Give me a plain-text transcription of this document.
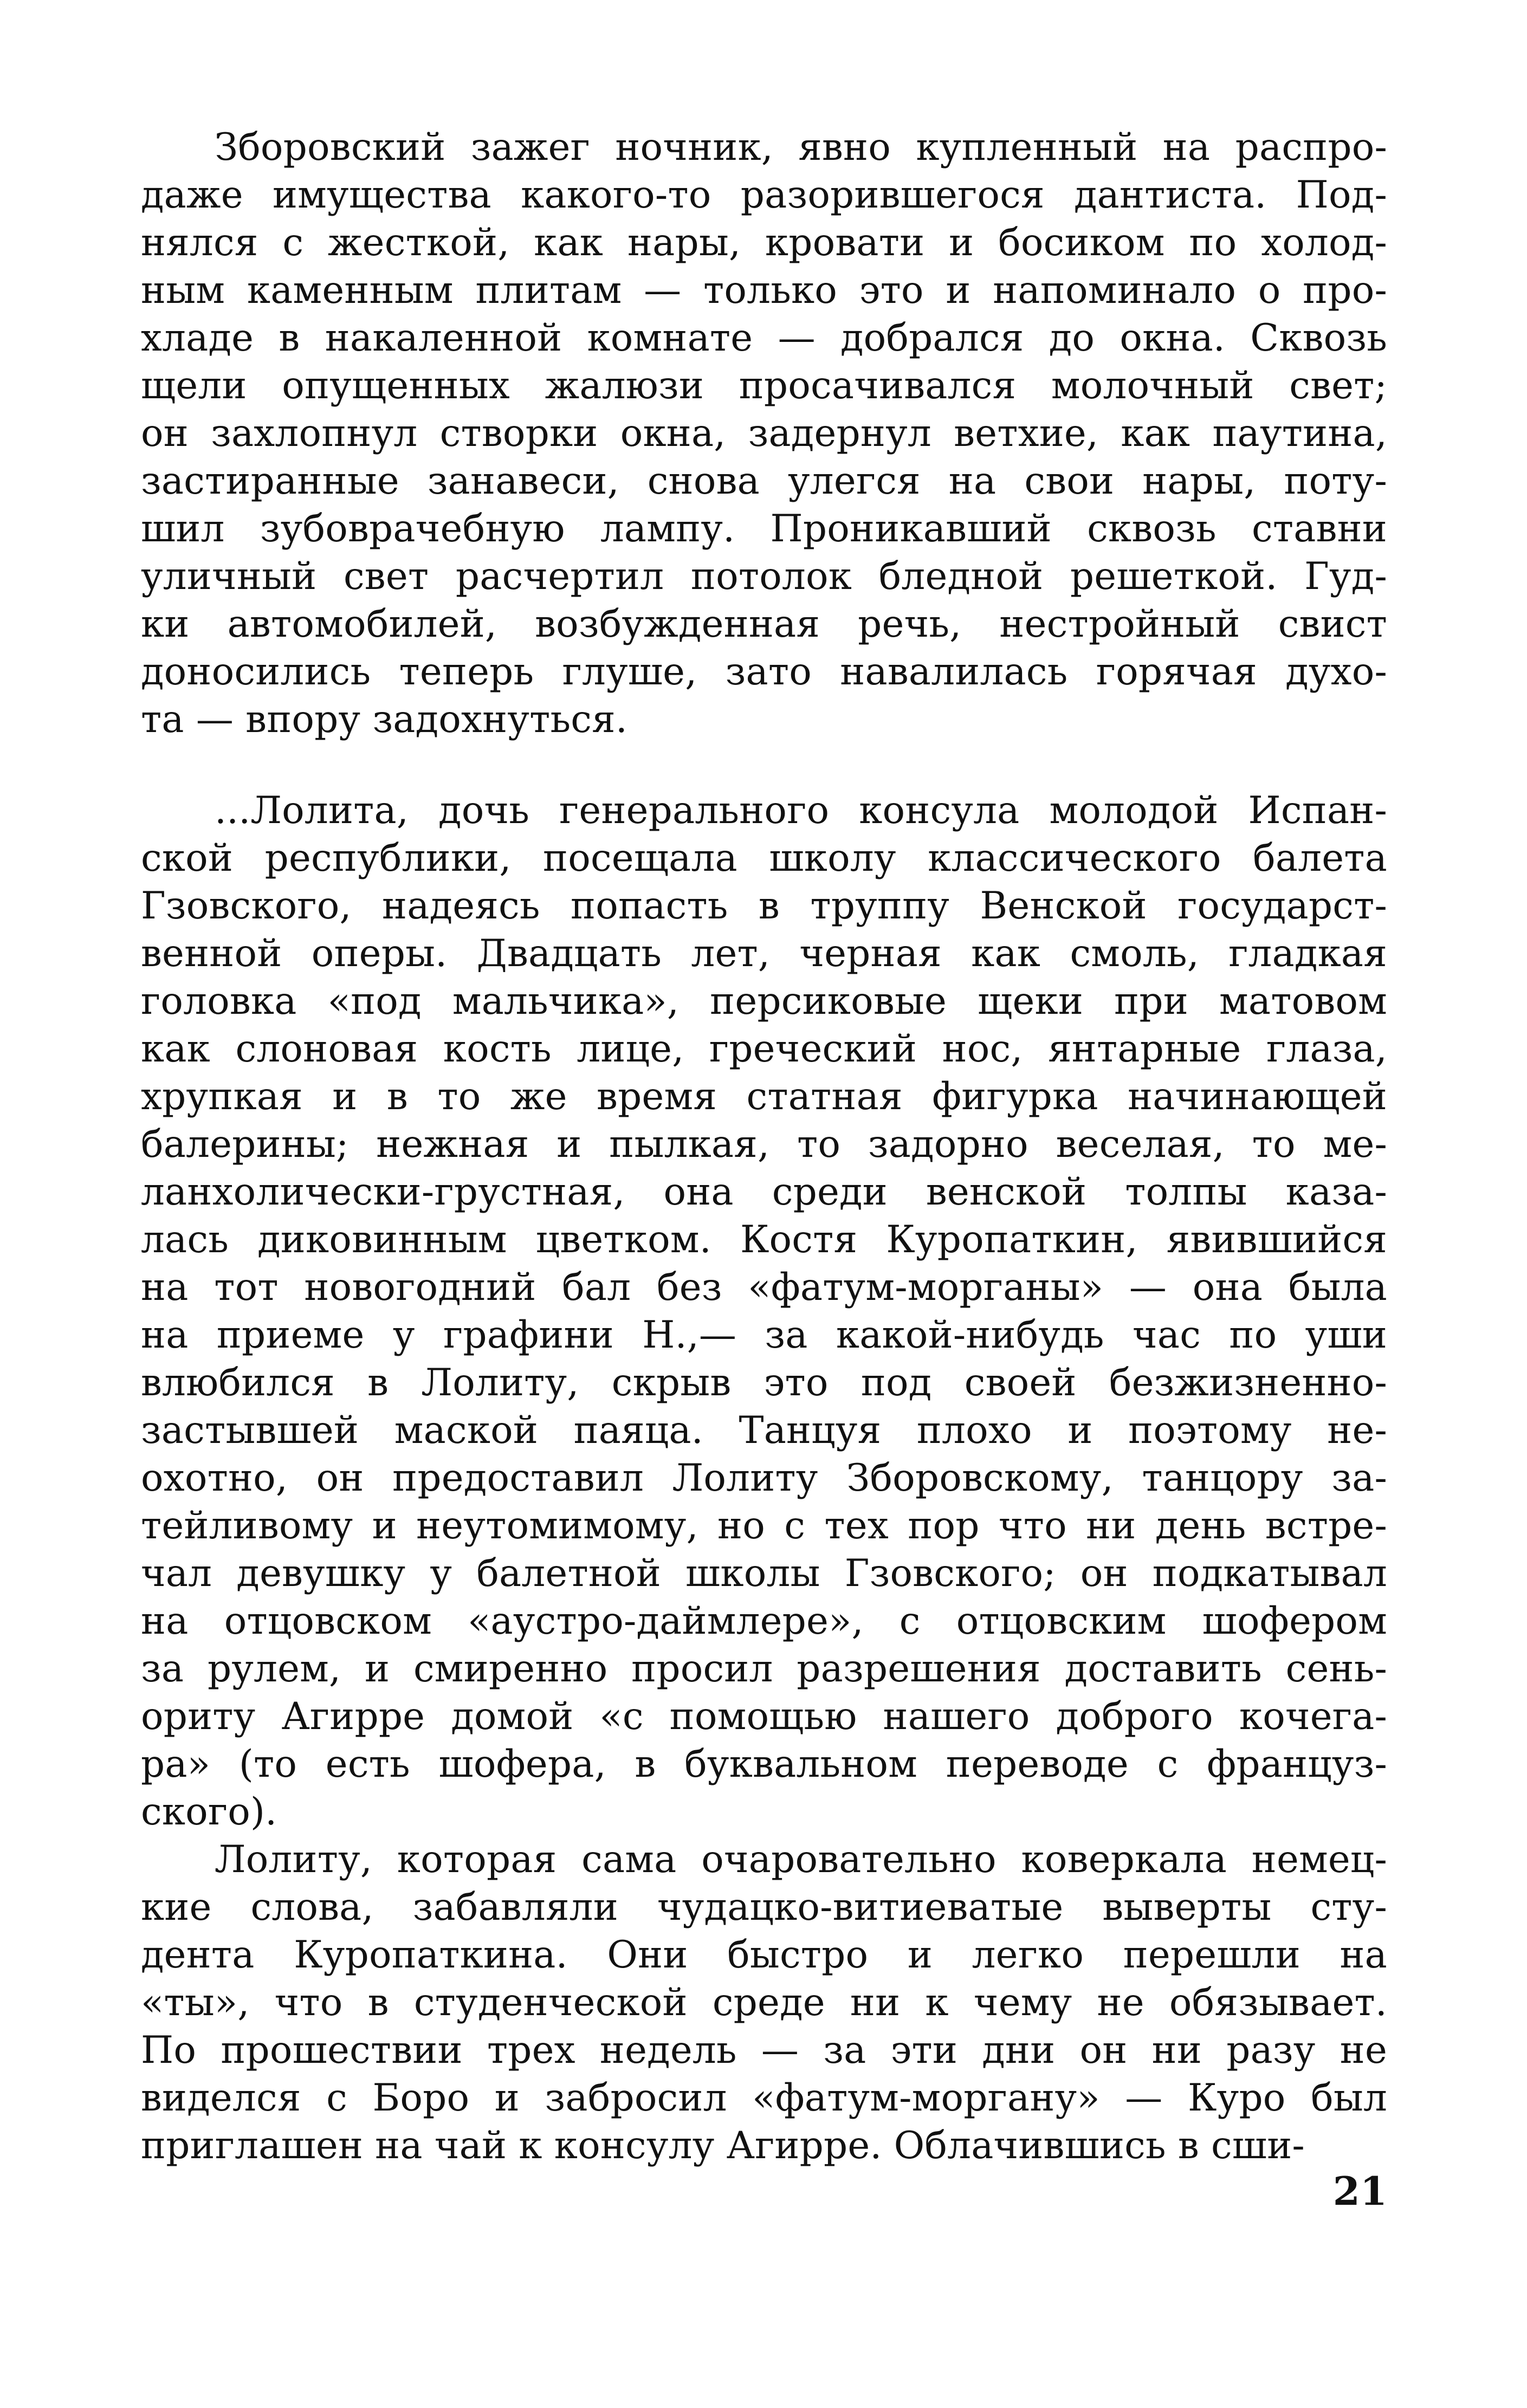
Зборовский зажег ночник, явно купленный на распро-
даже имущества какого-то разорившегося дантиста. Под-
нялся с жесткой, как нары, кровати и босиком по холод-
ным каменным плитам — только это и напоминало о про-
хладе в накаленной комнате — добрался до окна. Сквозь
щели опущенных жалюзи просачивался молочный свет;
он захлопнул створки окна, задернул ветхие, как паутина,
застиранные занавеси, снова улегся на свои нары, поту-
шил зубоврачебную лампу. Проникавший сквозь ставни
уличный свет расчертил потолок бледной решеткой. Гуд-
ки автомобилей, возбужденная речь, нестройный свист
доносились теперь глуше, зато навалилась горячая духо-
та — впору задохнуться.
...Лолита, дочь генерального консула молодой Испан-
ской республики, посещала школу классического балета
Гзовского, надеясь попасть в труппу Венской государст-
венной оперы. Двадцать лет, черная как смоль, гладкая
головка «под мальчика», персиковые щеки при матовом
как слоновая кость лице, греческий нос, янтарные глаза,
хрупкая и в то же время статная фигурка начинающей
балерины; нежная и пылкая, то задорно веселая, то ме-
ланхолически-грустная, она среди венской толпы каза-
лась диковинным цветком. Костя Куропаткин, явившийся
на тот новогодний бал без «фатум-морганы» — она была
на приеме у графини Н.,— за какой-нибудь час по уши
влюбился в Лолиту, скрыв это под своей безжизненно-
застывшей маской паяца. Танцуя плохо и поэтому не-
охотно, он предоставил Лолиту Зборовскому, танцору за-
тейливому и неутомимому, но с тех пор что ни день встре-
чал девушку у балетной школы Гзовского; он подкатывал
на отцовском «аустро-даймлере», с отцовским шофером
за рулем, и смиренно просил разрешения доставить сень-
ориту Агирре домой «с помощью нашего доброго кочега-
ра» (то есть шофера, в буквальном переводе с француз-
ского).
Лолиту, которая сама очаровательно коверкала немец-
кие слова, забавляли чудацко-витиеватые выверты сту-
дента Куропаткина. Они быстро и легко перешли на
«ты», что в студенческой среде ни к чему не обязывает.
По прошествии трех недель — за эти дни он ни разу не
виделся с Боро и забросил «фатум-моргану» — Куро был
приглашен на чай к консулу Агирре. Облачившись в сши-
21
